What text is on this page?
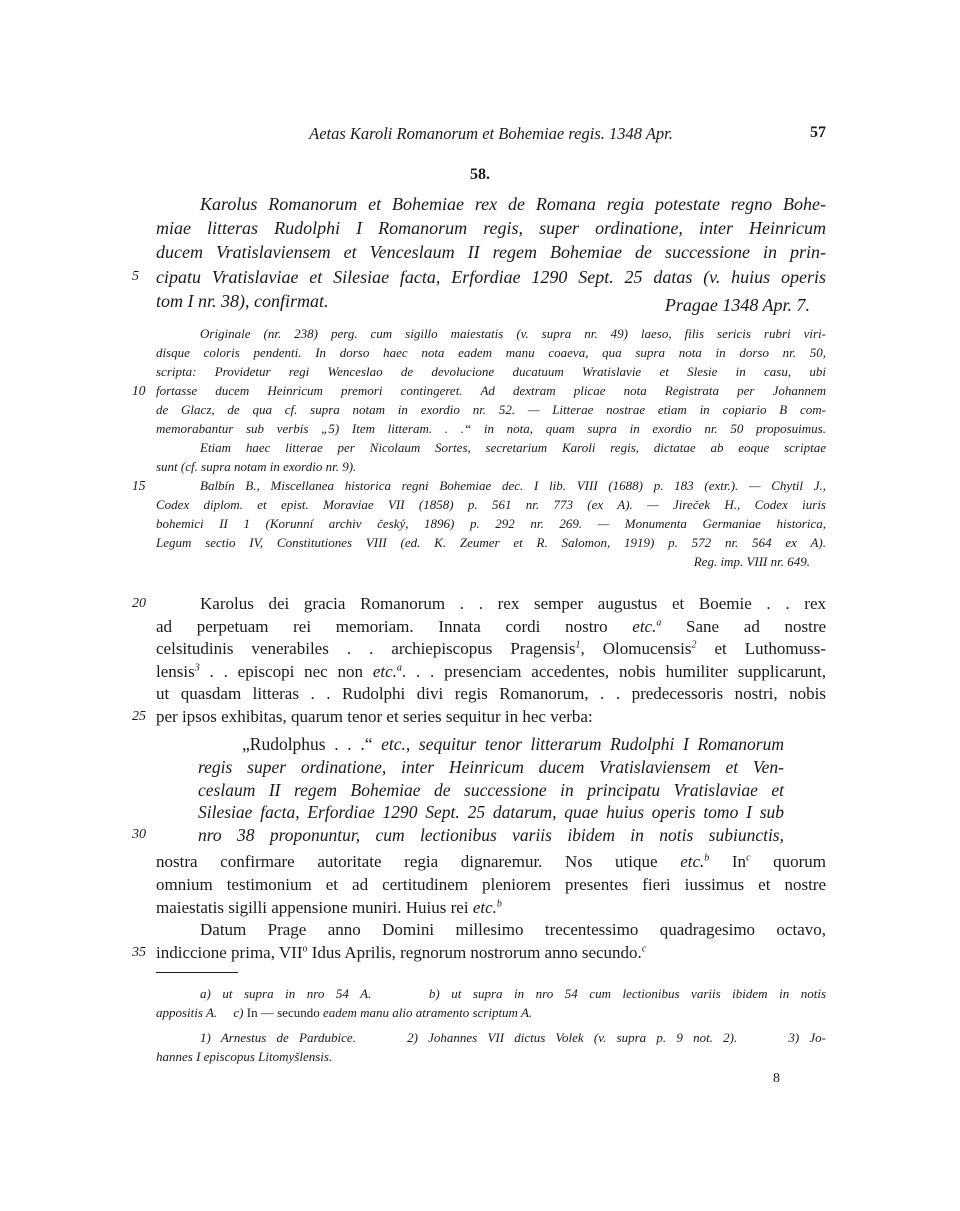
Aetas Karoli Romanorum et Bohemiae regis. 1348 Apr.	57
58.
Karolus Romanorum et Bohemiae rex de Romana regia potestate regno Bohe-
miae litteras Rudolphi I Romanorum regis, super ordinatione, inter Heinricum
ducem Vratislaviensem et Venceslaum II regem Bohemiae de successione in prin-
5 cipatu Vratislaviae et Silesiae facta, Erfordiae 1290 Sept. 25 datas (v. huius operis
tom I nr. 38), confirmat.	Pragae 1348 Apr. 7.
Originale (nr. 238) perg. cum sigillo maiestatis (v. supra nr. 49) laeso, filis sericis rubri viri-
disque coloris pendenti. In dorso haec nota eadem manu coaeva, qua supra nota in dorso nr. 50,
scripta: Providetur regi Wenceslao de devolucione ducatuum Wratislavie et Slesie in casu, ubi
10 fortasse ducem Heinricum premori contingeret. Ad dextram plicae nota Registrata per Johannem
de Glacz, de qua cf. supra notam in exordio nr. 52. — Litterae nostrae etiam in copiario B com-
memorabantur sub verbis „5) Item litteram. . .“ in nota, quam supra in exordio nr. 50 proposuimus.
Etiam haec litterae per Nicolaum Sortes, secretarium Karoli regis, dictatae ab eoque scriptae
sunt (cf. supra notam in exordio nr. 9).
15	Balbín B., Miscellanea historica regni Bohemiae dec. I lib. VIII (1688) p. 183 (extr.). — Chytil J.,
Codex diplom. et epist. Moraviae VII (1858) p. 561 nr. 773 (ex A). — Jireček H., Codex iuris
bohemici II 1 (Korunní archiv český, 1896) p. 292 nr. 269. — Monumenta Germaniae historica,
Legum sectio IV, Constitutiones VIII (ed. K. Zeumer et R. Salomon, 1919) p. 572 nr. 564 ex A).
Reg. imp. VIII nr. 649.
20	Karolus dei gracia Romanorum . . rex semper augustus et Boemie . . rex
ad perpetuam rei memoriam. Innata cordi nostro etc.$^a$ Sane ad nostre
celsitudinis venerabiles . . archiepiscopus Pragensis$^1$, Olomucensis$^2$ et Luthomuss-
lensis$^3$ . . episcopi nec non etc.$^a$. . . presenciam accedentes, nobis humiliter supplicarunt,
ut quasdam litteras . . Rudolphi divi regis Romanorum, . . predecessoris nostri, nobis
25 per ipsos exhibitas, quarum tenor et series sequitur in hec verba:
„Rudolphus . . .“ etc., sequitur tenor litterarum Rudolphi I Romanorum
regis super ordinatione, inter Heinricum ducem Vratislaviensem et Ven-
ceslaum II regem Bohemiae de successione in principatu Vratislaviae et
Silesiae facta, Erfordiae 1290 Sept. 25 datarum, quae huius operis tomo I sub
30	nro 38 proponuntur, cum lectionibus variis ibidem in notis subiunctis,
nostra confirmare autoritate regia dignaremur. Nos utique etc.$^b$ In$^c$ quorum
omnium testimonium et ad certitudinem pleniorem presentes fieri iussimus et nostre
maiestatis sigilli appensione muniri. Huius rei etc.$^b$
Datum Prage anno Domini millesimo trecentessimo quadragesimo octavo,
35 indiccione prima, VII$^o$ Idus Aprilis, regnorum nostrorum anno secundo.$^c$
a) ut supra in nro 54 A.     b) ut supra in nro 54 cum lectionibus variis ibidem in notis
appositis A.     c) In — secundo eadem manu alio atramento scriptum A.
1) Arnestus de Pardubice.     2) Johannes VII dictus Volek (v. supra p. 9 not. 2).     3) Jo-
hannes I episcopus Litomyšlensis.
8
